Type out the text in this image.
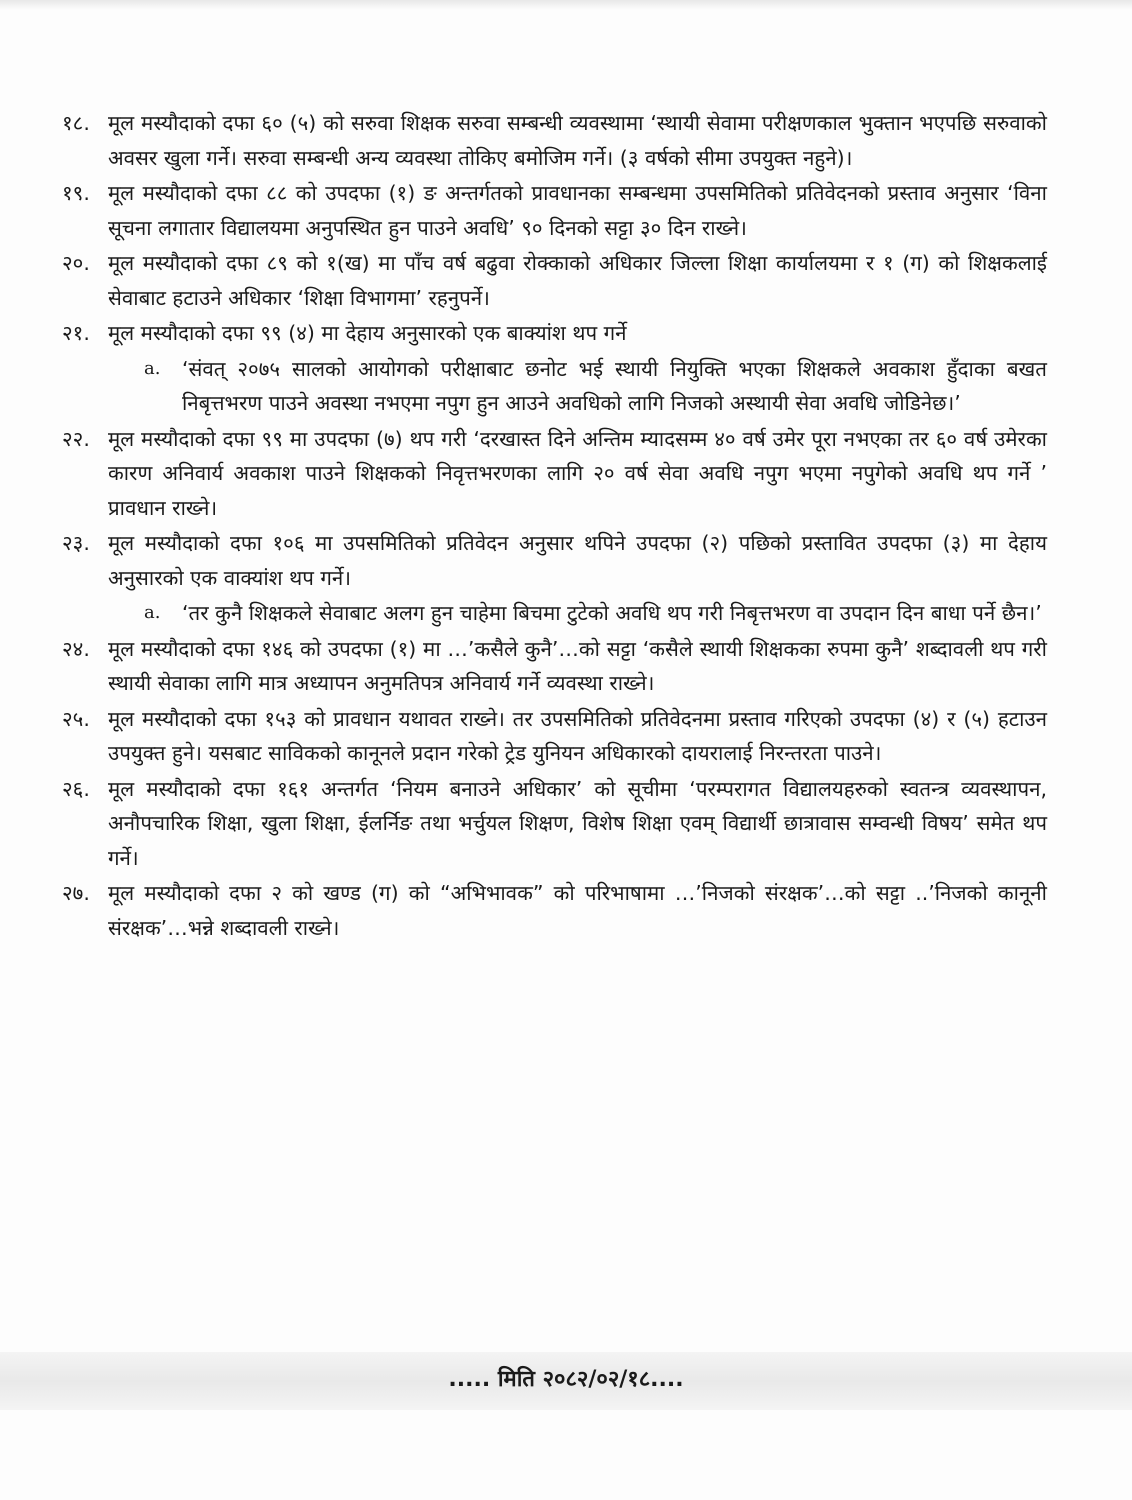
१८. मूल मस्यौदाको दफा ६० (५) को सरुवा शिक्षक सरुवा सम्बन्धी व्यवस्थामा ‘स्थायी सेवामा परीक्षणकाल भुक्तान भएपछि सरुवाको अवसर खुला गर्ने। सरुवा सम्बन्धी अन्य व्यवस्था तोकिए बमोजिम गर्ने। (३ वर्षको सीमा उपयुक्त नहुने)।
१९. मूल मस्यौदाको दफा ८८ को उपदफा (१) ङ अन्तर्गतको प्रावधानका सम्बन्धमा उपसमितिको प्रतिवेदनको प्रस्ताव अनुसार ‘विना सूचना लगातार विद्यालयमा अनुपस्थित हुन पाउने अवधि’ ९० दिनको सट्टा ३० दिन राख्ने।
२०. मूल मस्यौदाको दफा ८९ को १(ख) मा पाँच वर्ष बढुवा रोक्काको अधिकार जिल्ला शिक्षा कार्यालयमा र १ (ग) को शिक्षकलाई सेवाबाट हटाउने अधिकार ‘शिक्षा विभागमा’ रहनुपर्ने।
२१. मूल मस्यौदाको दफा ९९ (४) मा देहाय अनुसारको एक बाक्यांश थप गर्ने
a. ‘संवत् २०७५ सालको आयोगको परीक्षाबाट छनोट भई स्थायी नियुक्ति भएका शिक्षकले अवकाश हुँदाका बखत निबृत्तभरण पाउने अवस्था नभएमा नपुग हुन आउने अवधिको लागि निजको अस्थायी सेवा अवधि जोडिनेछ।’
२२. मूल मस्यौदाको दफा ९९ मा उपदफा (७) थप गरी ‘दरखास्त दिने अन्तिम म्यादसम्म ४० वर्ष उमेर पूरा नभएका तर ६० वर्ष उमेरका कारण अनिवार्य अवकाश पाउने शिक्षकको निवृत्तभरणका लागि २० वर्ष सेवा अवधि नपुग भएमा नपुगेको अवधि थप गर्ने ’ प्रावधान राख्ने।
२३. मूल मस्यौदाको दफा १०६ मा उपसमितिको प्रतिवेदन अनुसार थपिने उपदफा (२) पछिको प्रस्तावित उपदफा (३) मा देहाय अनुसारको एक वाक्यांश थप गर्ने।
a. ‘तर कुनै शिक्षकले सेवाबाट अलग हुन चाहेमा बिचमा टुटेको अवधि थप गरी निबृत्तभरण वा उपदान दिन बाधा पर्ने छैन।’
२४. मूल मस्यौदाको दफा १४६ को उपदफा (१) मा …’कसैले कुनै’…को सट्टा ‘कसैले स्थायी शिक्षकका रुपमा कुनै’ शब्दावली थप गरी स्थायी सेवाका लागि मात्र अध्यापन अनुमतिपत्र अनिवार्य गर्ने व्यवस्था राख्ने।
२५. मूल मस्यौदाको दफा १५३ को प्रावधान यथावत राख्ने। तर उपसमितिको प्रतिवेदनमा प्रस्ताव गरिएको उपदफा (४) र (५) हटाउन उपयुक्त हुने। यसबाट साविकको कानूनले प्रदान गरेको ट्रेड युनियन अधिकारको दायरालाई निरन्तरता पाउने।
२६. मूल मस्यौदाको दफा १६१ अन्तर्गत ‘नियम बनाउने अधिकार’ को सूचीमा ‘परम्परागत विद्यालयहरुको स्वतन्त्र व्यवस्थापन, अनौपचारिक शिक्षा, खुला शिक्षा, ईलर्निङ तथा भर्चुयल शिक्षण, विशेष शिक्षा एवम् विद्यार्थी छात्रावास सम्वन्धी विषय’ समेत थप गर्ने।
२७. मूल मस्यौदाको दफा २ को खण्ड (ग) को “अभिभावक” को परिभाषामा …’निजको संरक्षक’…को सट्टा ..’निजको कानूनी संरक्षक’…भन्ने शब्दावली राख्ने।
..... मिति २०८२/०२/१८....
